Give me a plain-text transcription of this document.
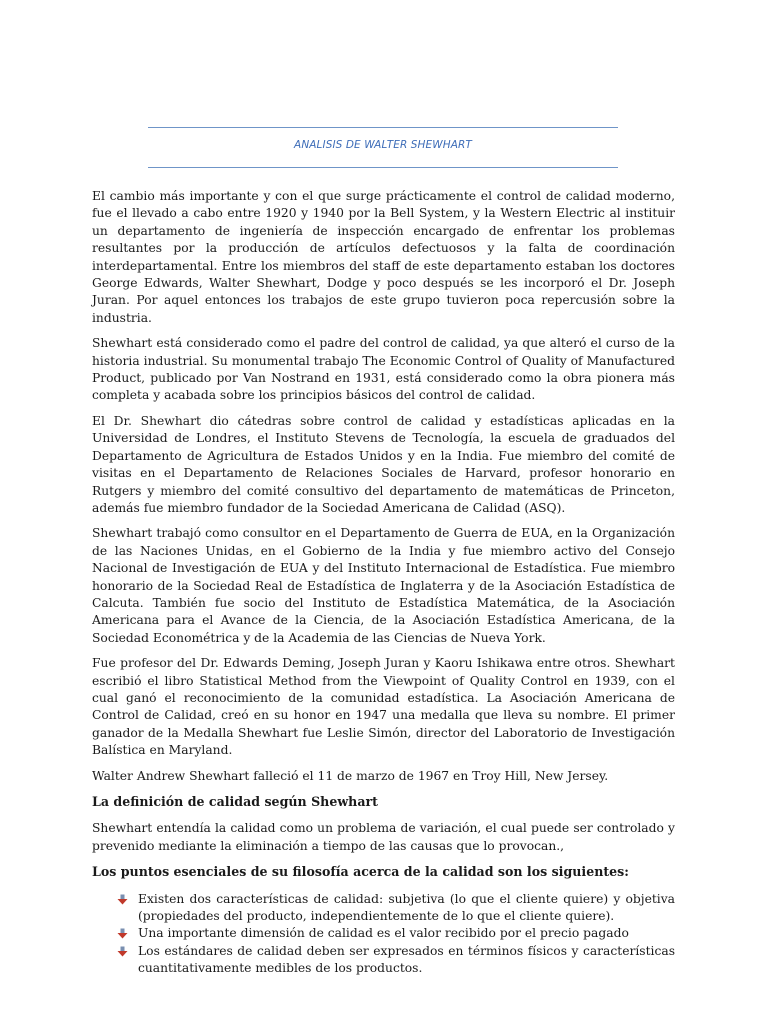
ANALISIS DE WALTER SHEWHART

El cambio más importante y con el que surge prácticamente el control de calidad moderno, fue el llevado a cabo entre 1920 y 1940 por la Bell System, y la Western Electric al instituir un departamento de ingeniería de inspección encargado de enfrentar los problemas resultantes por la producción de artículos defectuosos y la falta de coordinación interdepartamental. Entre los miembros del staff de este departamento estaban los doctores George Edwards, Walter Shewhart, Dodge y poco después se les incorporó el Dr. Joseph Juran. Por aquel entonces los trabajos de este grupo tuvieron poca repercusión sobre la industria.

Shewhart está considerado como el padre del control de calidad, ya que alteró el curso de la historia industrial. Su monumental trabajo The Economic Control of Quality of Manufactured Product, publicado por Van Nostrand en 1931, está considerado como la obra pionera más completa y acabada sobre los principios básicos del control de calidad.

El Dr. Shewhart dio cátedras sobre control de calidad y estadísticas aplicadas en la Universidad de Londres, el Instituto Stevens de Tecnología, la escuela de graduados del Departamento de Agricultura de Estados Unidos y en la India. Fue miembro del comité de visitas en el Departamento de Relaciones Sociales de Harvard, profesor honorario en Rutgers y miembro del comité consultivo del departamento de matemáticas de Princeton, además fue miembro fundador de la Sociedad Americana de Calidad (ASQ).

Shewhart trabajó como consultor en el Departamento de Guerra de EUA, en la Organización de las Naciones Unidas, en el Gobierno de la India y fue miembro activo del Consejo Nacional de Investigación de EUA y del Instituto Internacional de Estadística. Fue miembro honorario de la Sociedad Real de Estadística de Inglaterra y de la Asociación Estadística de Calcuta. También fue socio del Instituto de Estadística Matemática, de la Asociación Americana para el Avance de la Ciencia, de la Asociación Estadística Americana, de la Sociedad Econométrica y de la Academia de las Ciencias de Nueva York.

Fue profesor del Dr. Edwards Deming, Joseph Juran y Kaoru Ishikawa entre otros. Shewhart escribió el libro Statistical Method from the Viewpoint of Quality Control en 1939, con el cual ganó el reconocimiento de la comunidad estadística. La Asociación Americana de Control de Calidad, creó en su honor en 1947 una medalla que lleva su nombre. El primer ganador de la Medalla Shewhart fue Leslie Simón, director del Laboratorio de Investigación Balística en Maryland.

Walter Andrew Shewhart falleció el 11 de marzo de 1967 en Troy Hill, New Jersey.

La definición de calidad según Shewhart

Shewhart entendía la calidad como un problema de variación, el cual puede ser controlado y prevenido mediante la eliminación a tiempo de las causas que lo provocan.,

Los puntos esenciales de su filosofía acerca de la calidad son los siguientes:
Existen dos características de calidad: subjetiva (lo que el cliente quiere) y objetiva (propiedades del producto, independientemente de lo que el cliente quiere).
Una importante dimensión de calidad es el valor recibido por el precio pagado
Los estándares de calidad deben ser expresados en términos físicos y características cuantitativamente medibles de los productos.
